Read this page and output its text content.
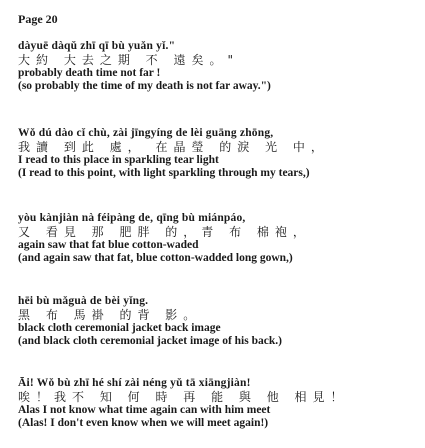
Page 20
dàyuē dàqǔ zhī qī bù yuǎn yǐ."
大約 大去之期 不 遠矣。"
probably death time not far !
(so probably the time of my death is not far away.")
Wǒ dú dào cǐ chù, zài jīngyíng de lèi guāng zhōng,
我讀 到此 處， 在晶瑩 的淚 光 中，
I read to this place in sparkling tear light
(I read to this point, with light sparkling through my tears,)
yòu kànjiàn nà féipàng de, qīng bù miánpáo,
又 看見 那 肥胖 的，青 布 棉袍，
again saw that fat blue cotton-waded
(and again saw that fat, blue cotton-wadded long gown,)
hēi bù mǎguà de bèi yǐng.
黑 布 馬褂 的背 影。
black cloth ceremonial jacket back image
(and black cloth ceremonial jacket image of his back.)
Āi! Wǒ bù zhī hé shí zài néng yǔ tā xiāngjiàn!
唉！我不 知 何 時 再 能 與 他 相見！
Alas I not know what time again can with him meet
(Alas! I don't even know when we will meet again!)
